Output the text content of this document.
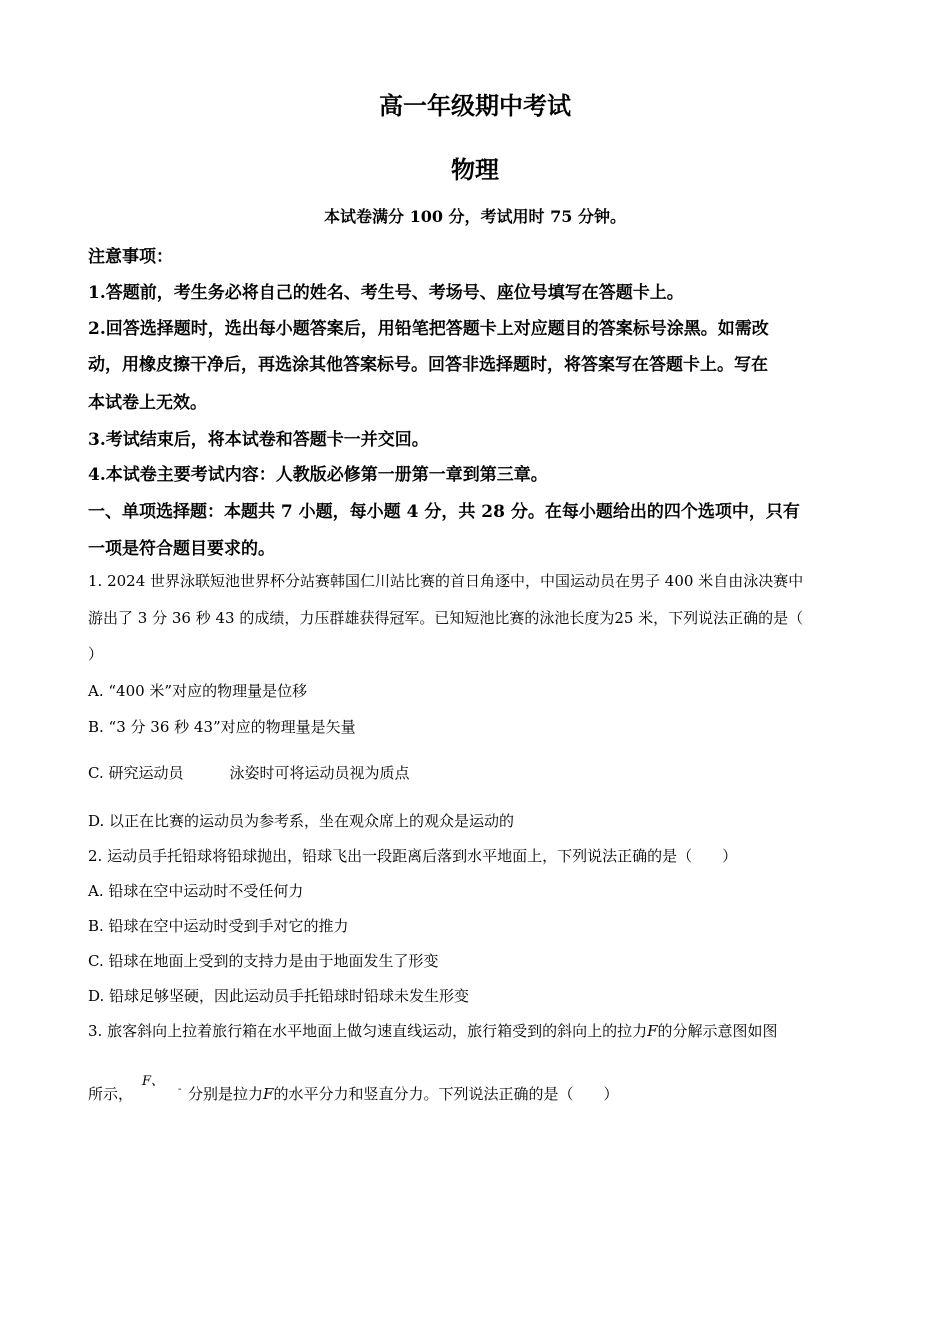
高一年级期中考试
物理
本试卷满分 100 分，考试用时 75 分钟。
注意事项：
1.答题前，考生务必将自己的姓名、考生号、考场号、座位号填写在答题卡上。
2.回答选择题时，选出每小题答案后，用铅笔把答题卡上对应题目的答案标号涂黑。如需改
动，用橡皮擦干净后，再选涂其他答案标号。回答非选择题时，将答案写在答题卡上。写在
本试卷上无效。
3.考试结束后，将本试卷和答题卡一并交回。
4.本试卷主要考试内容：人教版必修第一册第一章到第三章。
一、单项选择题：本题共 7 小题，每小题 4 分，共 28 分。在每小题给出的四个选项中，只有
一项是符合题目要求的。
1. 2024 世界泳联短池世界杯分站赛韩国仁川站比赛的首日角逐中，中国运动员在男子 400 米自由泳决赛中
游出了 3 分 36 秒 43 的成绩，力压群雄获得冠军。已知短池比赛的泳池长度为25 米，下列说法正确的是（
）
A. “400 米”对应的物理量是位移
B. “3 分 36 秒 43”对应的物理量是矢量
C. 研究运动员	泳姿时可将运动员视为质点
D. 以正在比赛的运动员为参考系，坐在观众席上的观众是运动的
2. 运动员手托铅球将铅球抛出，铅球飞出一段距离后落到水平地面上，下列说法正确的是（　　）
A. 铅球在空中运动时不受任何力
B. 铅球在空中运动时受到手对它的推力
C. 铅球在地面上受到的支持力是由于地面发生了形变
D. 铅球足够坚硬，因此运动员手托铅球时铅球未发生形变
3. 旅客斜向上拉着旅行箱在水平地面上做匀速直线运动，旅行箱受到的斜向上的拉力F的分解示意图如图
F、
-
所示，	分别是拉力F的水平分力和竖直分力。下列说法正确的是（　　）
